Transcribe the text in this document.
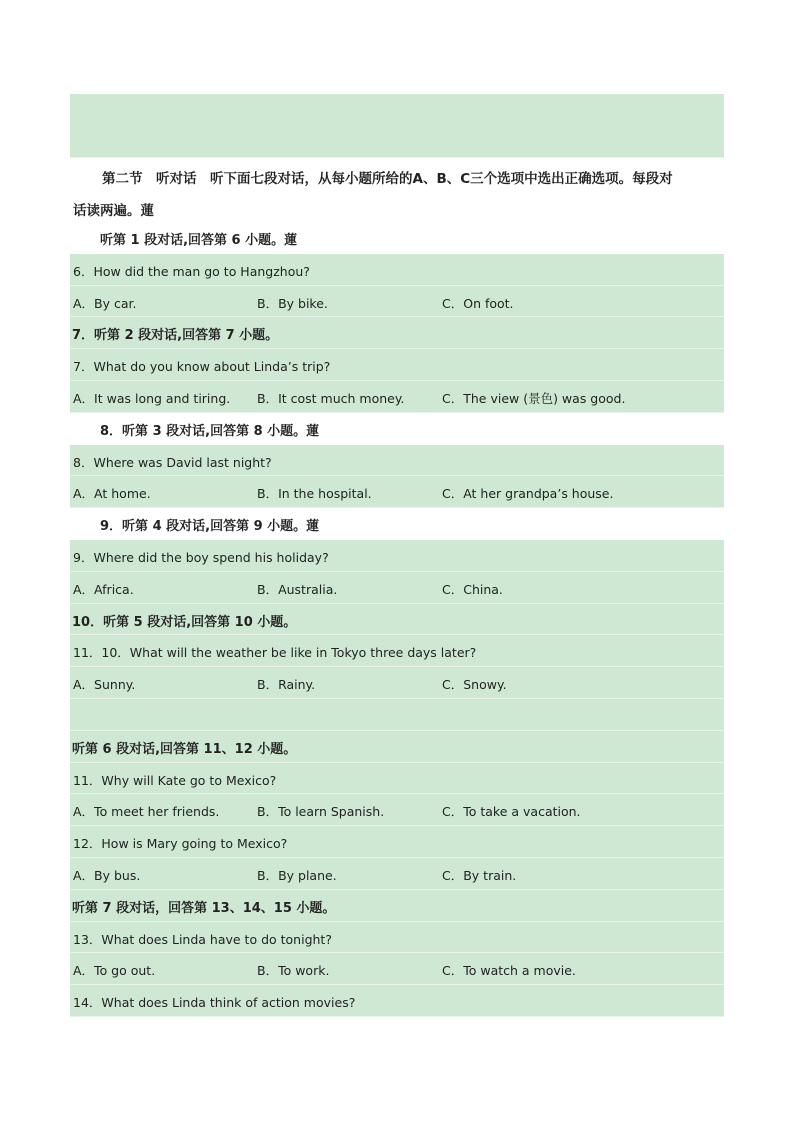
第二节　听对话　听下面七段对话，从每小题所给的A、B、C三个选项中选出正确选项。每段对
话读两遍。蓮
听第 1 段对话,回答第 6 小题。蓮
6．How did the man go to Hangzhou?
A．By car.	B．By bike.	C．On foot.
7．听第 2 段对话,回答第 7 小题。
7．What do you know about Linda’s trip?
A．It was long and tiring. B．It cost much money.	C．The view (景色) was good.
8．听第 3 段对话,回答第 8 小题。蓮
8．Where was David last night?
A．At home.	B．In the hospital.	C．At her grandpa’s house.
9．听第 4 段对话,回答第 9 小题。蓮
9．Where did the boy spend his holiday?
A．Africa.	B．Australia.	C．China.
10．听第 5 段对话,回答第 10 小题。
11．10．What will the weather be like in Tokyo three days later?
A．Sunny.	B．Rainy.	C．Snowy.
听第 6 段对话,回答第 11、12 小题。
11．Why will Kate go to Mexico?
A．To meet her friends.	B．To learn Spanish.	C．To take a vacation.
12．How is Mary going to Mexico?
A．By bus.	B．By plane.	C．By train.
听第 7 段对话，回答第 13、14、15 小题。
13．What does Linda have to do tonight?
A．To go out.	B．To work.	C．To watch a movie.
14．What does Linda think of action movies?
